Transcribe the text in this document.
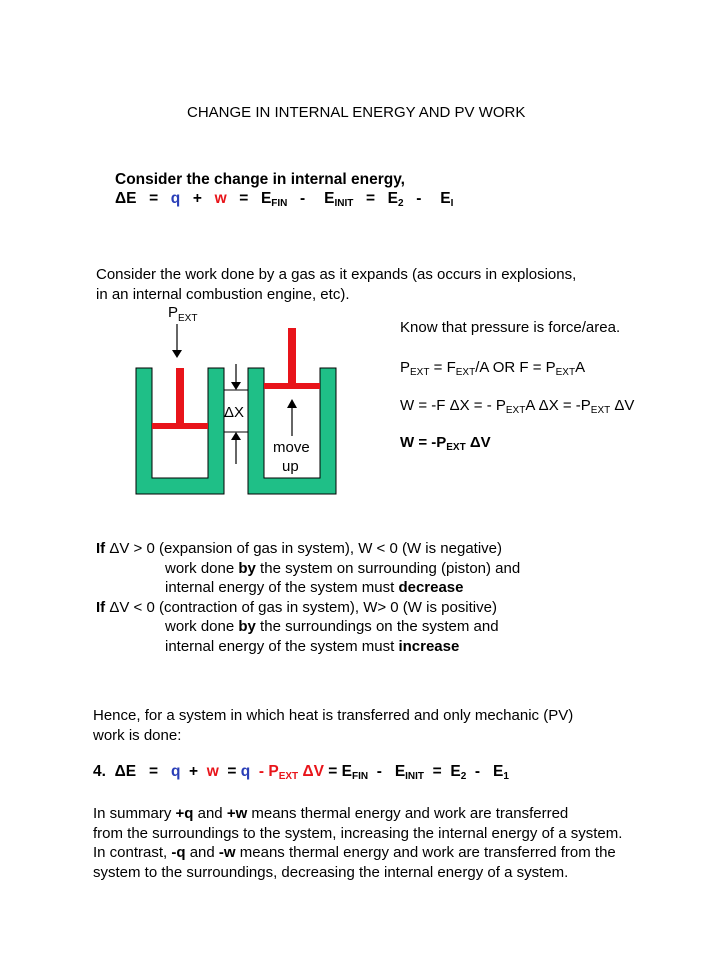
CHANGE IN INTERNAL ENERGY AND PV WORK
Consider the change in internal energy,
$\Delta E = q + w = E_{FIN} - E_{INIT} = E_2 - E_I$
Consider the work done by a gas as it expands (as occurs in explosions,
in an internal combustion engine, etc).
$P_{EXT}$
ΔX
move
up
Know that pressure is force/area.
$P_{EXT} = F_{EXT}/A$ OR $F = P_{EXT}A$
W = -F ΔX = - $P_{EXT}A$ $\Delta X = -P_{EXT}$ ΔV
$W = -P_{EXT}$ ΔV
If ΔV > 0 (expansion of gas in system), W < 0 (W is negative)
work done by the system on surrounding (piston) and
internal energy of the system must decrease
If ΔV < 0 (contraction of gas in system), W> 0 (W is positive)
work done by the surroundings on the system and
internal energy of the system must increase
Hence, for a system in which heat is transferred and only mechanic (PV)
work is done:
4. $\Delta E = q + w = q - P_{EXT}$ $\Delta V = E_{FIN} - E_{INIT} = E_2 - E_1$
In summary +q and +w means thermal energy and work are transferred
from the surroundings to the system, increasing the internal energy of a system.
In contrast, -q and -w means thermal energy and work are transferred from the
system to the surroundings, decreasing the internal energy of a system.
